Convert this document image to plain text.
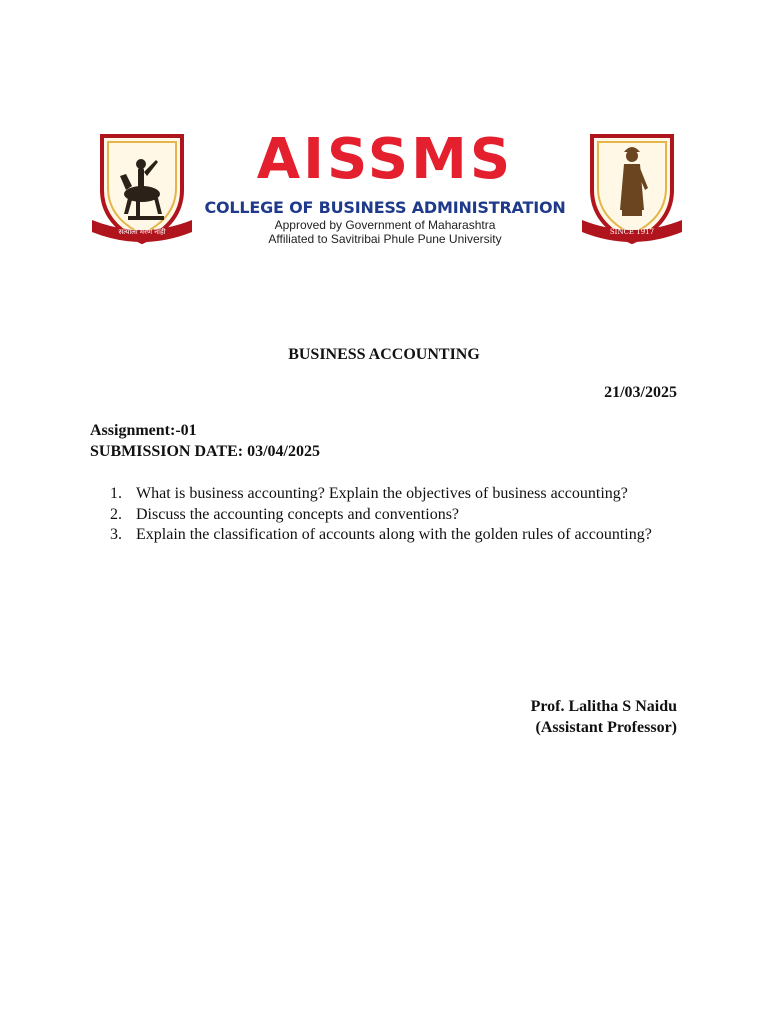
सत्याला मरण नाही
AISSMS
COLLEGE OF BUSINESS ADMINISTRATION
Approved by Government of Maharashtra
Affiliated to Savitribai Phule Pune University	SINCE 1917
BUSINESS ACCOUNTING
21/03/2025
Assignment:-01
SUBMISSION DATE: 03/04/2025
1. What is business accounting? Explain the objectives of business accounting?
2. Discuss the accounting concepts and conventions?
3. Explain the classification of accounts along with the golden rules of accounting?
Prof. Lalitha S Naidu
(Assistant Professor)
